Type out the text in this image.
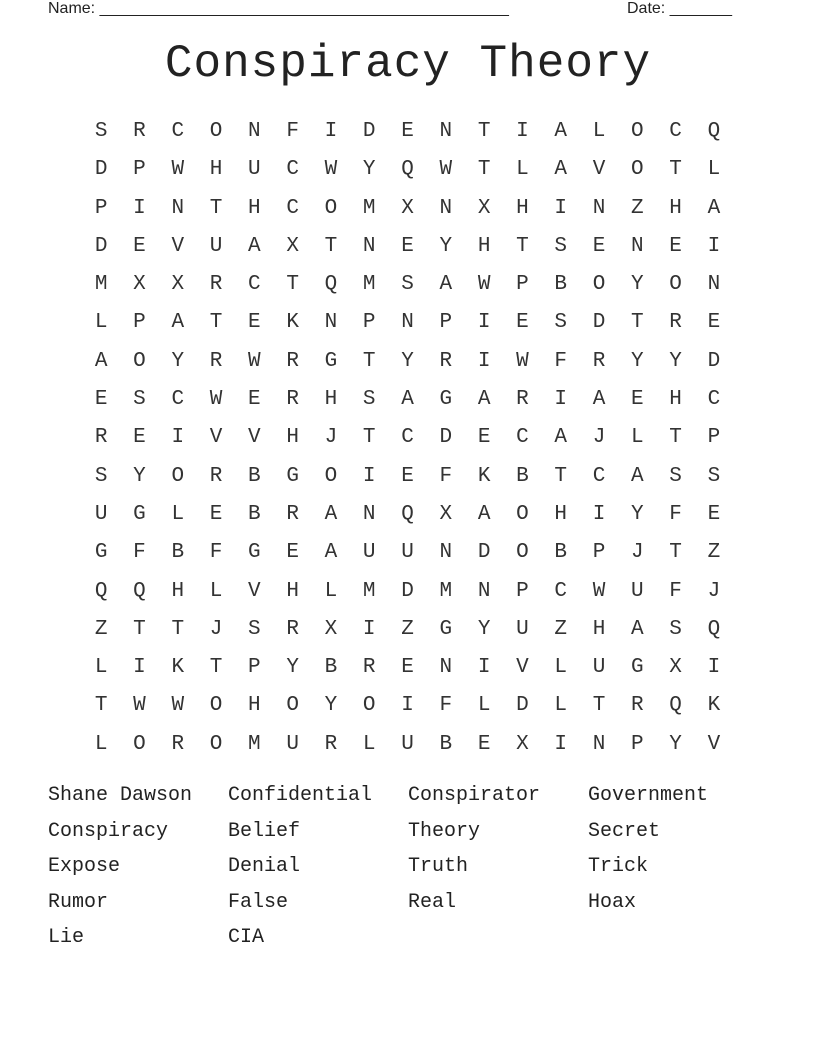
Name: ______________________________________________	Date: _______
Conspiracy Theory
S	R	C	O	N	F	I	D	E	N	T	I	A	L	O	C	Q
D	P	W	H	U	C	W	Y	Q	W	T	L	A	V	O	T	L
P	I	N	T	H	C	O	M	X	N	X	H	I	N	Z	H	A
D	E	V	U	A	X	T	N	E	Y	H	T	S	E	N	E	I
M	X	X	R	C	T	Q	M	S	A	W	P	B	O	Y	O	N
L	P	A	T	E	K	N	P	N	P	I	E	S	D	T	R	E
A	O	Y	R	W	R	G	T	Y	R	I	W	F	R	Y	Y	D
E	S	C	W	E	R	H	S	A	G	A	R	I	A	E	H	C
R	E	I	V	V	H	J	T	C	D	E	C	A	J	L	T	P
S	Y	O	R	B	G	O	I	E	F	K	B	T	C	A	S	S
U	G	L	E	B	R	A	N	Q	X	A	O	H	I	Y	F	E
G	F	B	F	G	E	A	U	U	N	D	O	B	P	J	T	Z
Q	Q	H	L	V	H	L	M	D	M	N	P	C	W	U	F	J
Z	T	T	J	S	R	X	I	Z	G	Y	U	Z	H	A	S	Q
L	I	K	T	P	Y	B	R	E	N	I	V	L	U	G	X	I
T	W	W	O	H	O	Y	O	I	F	L	D	L	T	R	Q	K
L	O	R	O	M	U	R	L	U	B	E	X	I	N	P	Y	V
Shane Dawson	Confidential	Conspirator	Government
Conspiracy	Belief	Theory	Secret
Expose	Denial	Truth	Trick
Rumor	False	Real	Hoax
Lie	CIA
